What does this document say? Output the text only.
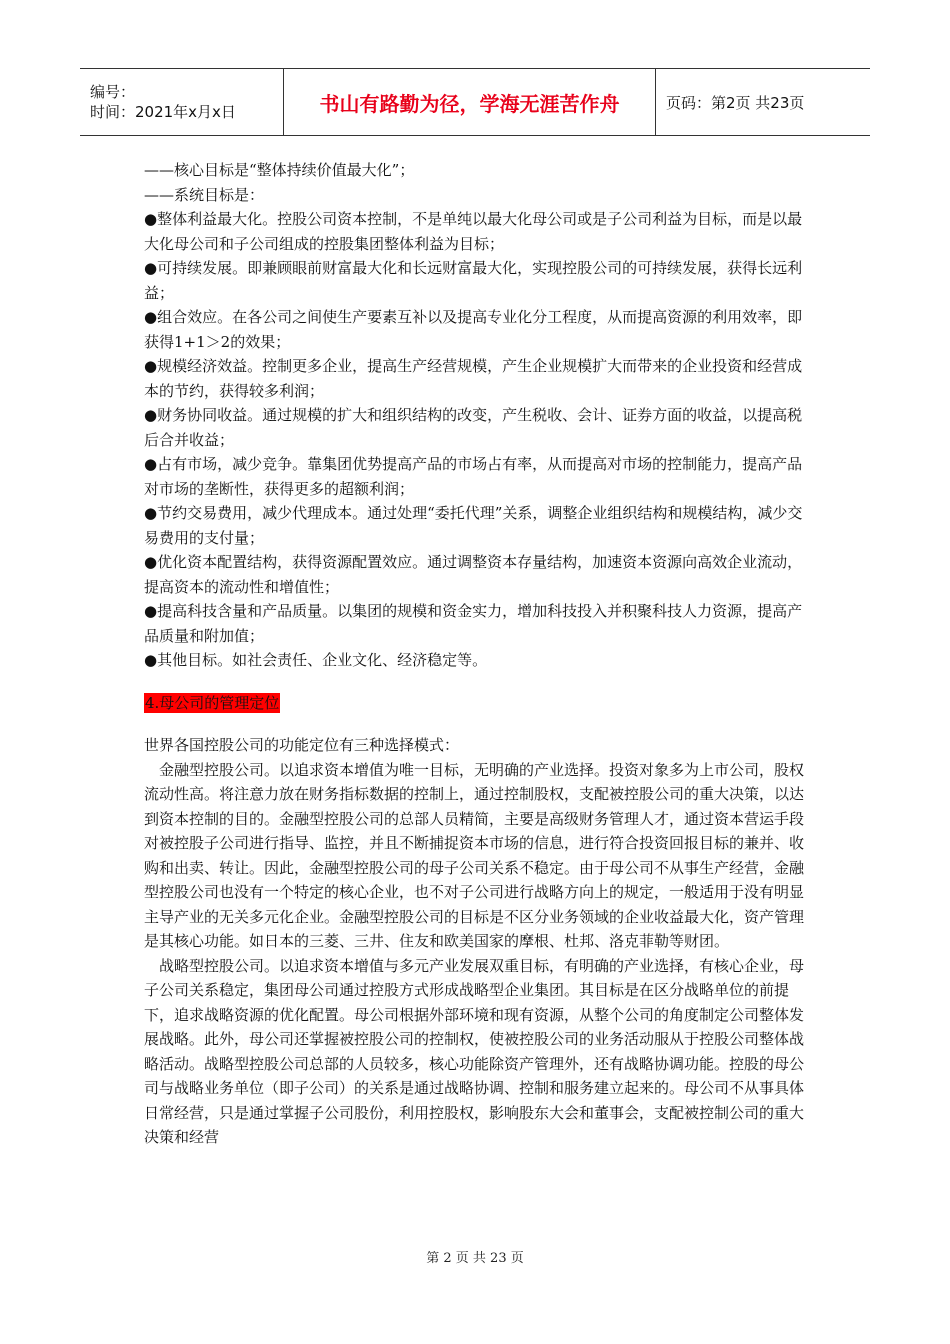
编号：
时间：2021年x月x日	书山有路勤为径，学海无涯苦作舟	页码：第2页 共23页

——核心目标是“整体持续价值最大化”；

——系统目标是：

●整体利益最大化。控股公司资本控制，不是单纯以最大化母公司或是子公司利益为目标，而是以最大化母公司和子公司组成的控股集团整体利益为目标；

●可持续发展。即兼顾眼前财富最大化和长远财富最大化，实现控股公司的可持续发展，获得长远利益；

●组合效应。在各公司之间使生产要素互补以及提高专业化分工程度，从而提高资源的利用效率，即获得1+1＞2的效果；

●规模经济效益。控制更多企业，提高生产经营规模，产生企业规模扩大而带来的企业投资和经营成本的节约，获得较多利润；

●财务协同收益。通过规模的扩大和组织结构的改变，产生税收、会计、证券方面的收益，以提高税后合并收益；

●占有市场，减少竞争。靠集团优势提高产品的市场占有率，从而提高对市场的控制能力，提高产品对市场的垄断性，获得更多的超额利润；

●节约交易费用，减少代理成本。通过处理“委托代理”关系，调整企业组织结构和规模结构，减少交易费用的支付量；

●优化资本配置结构，获得资源配置效应。通过调整资本存量结构，加速资本资源向高效企业流动，提高资本的流动性和增值性；

●提高科技含量和产品质量。以集团的规模和资金实力，增加科技投入并积聚科技人力资源，提高产品质量和附加值；

●其他目标。如社会责任、企业文化、经济稳定等。

4.母公司的管理定位

世界各国控股公司的功能定位有三种选择模式：

金融型控股公司。以追求资本增值为唯一目标，无明确的产业选择。投资对象多为上市公司，股权流动性高。将注意力放在财务指标数据的控制上，通过控制股权，支配被控股公司的重大决策，以达到资本控制的目的。金融型控股公司的总部人员精简，主要是高级财务管理人才，通过资本营运手段对被控股子公司进行指导、监控，并且不断捕捉资本市场的信息，进行符合投资回报目标的兼并、收购和出卖、转让。因此，金融型控股公司的母子公司关系不稳定。由于母公司不从事生产经营，金融型控股公司也没有一个特定的核心企业，也不对子公司进行战略方向上的规定，一般适用于没有明显主导产业的无关多元化企业。金融型控股公司的目标是不区分业务领域的企业收益最大化，资产管理是其核心功能。如日本的三菱、三井、住友和欧美国家的摩根、杜邦、洛克菲勒等财团。

战略型控股公司。以追求资本增值与多元产业发展双重目标，有明确的产业选择，有核心企业，母子公司关系稳定，集团母公司通过控股方式形成战略型企业集团。其目标是在区分战略单位的前提下，追求战略资源的优化配置。母公司根据外部环境和现有资源，从整个公司的角度制定公司整体发展战略。此外，母公司还掌握被控股公司的控制权，使被控股公司的业务活动服从于控股公司整体战略活动。战略型控股公司总部的人员较多，核心功能除资产管理外，还有战略协调功能。控股的母公司与战略业务单位（即子公司）的关系是通过战略协调、控制和服务建立起来的。母公司不从事具体日常经营，只是通过掌握子公司股份，利用控股权，影响股东大会和董事会，支配被控制公司的重大决策和经营

第 2 页 共 23 页
